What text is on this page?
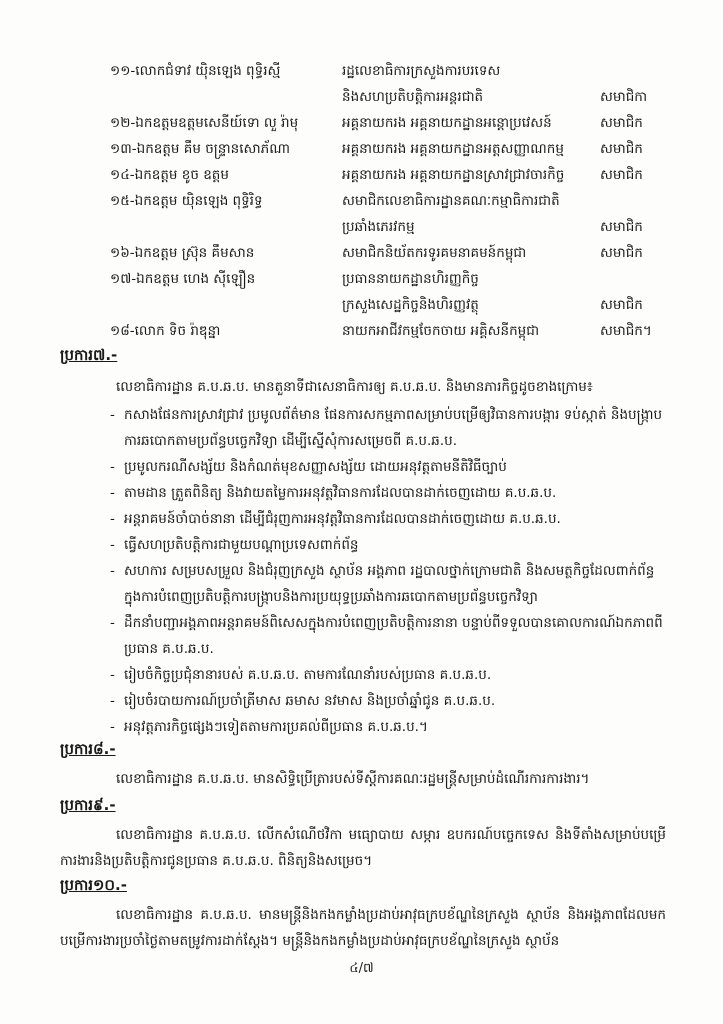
១១-លោកជំទាវ យ៉ិនឡេង ពុទ្ធិរស្មី	រដ្ឋលេខាធិការក្រសួងការបរទេស
និងសហប្រតិបត្តិការអន្តរជាតិ	សមាជិកា
១២-ឯកឧត្តមឧត្តមសេនីយ៍ទោ លួ រ៉ាមុ	អគ្គនាយករង អគ្គនាយកដ្ឋានអន្តោប្រវេសន៍	សមាជិក
១៣-ឯកឧត្តម គឹម ចន្ទ្រានសោភ័ណា	អគ្គនាយករង អគ្គនាយកដ្ឋានអត្តសញ្ញាណកម្ម	សមាជិក
១៤-ឯកឧត្តម ខូច ឧត្តម	អគ្គនាយករង អគ្គនាយកដ្ឋានស្រាវជ្រាវចារកិច្ច	សមាជិក
១៥-ឯកឧត្តម យ៉ិនឡេង ពុទ្ធិរិទ្ធ	សមាជិកលេខាធិការដ្ឋានគណៈកម្មាធិការជាតិ
ប្រឆាំងភេរវកម្ម	សមាជិក
១៦-ឯកឧត្តម ស្រ៊ុន គឹមសាន	សមាជិកនិយ័តករទូរគមនាគមន៍កម្ពុជា	សមាជិក
១៧-ឯកឧត្តម ហេង ស៊ីឡឿន	ប្រធាននាយកដ្ឋានហិរញ្ញកិច្ច
ក្រសួងសេដ្ឋកិច្ចនិងហិរញ្ញវត្ថុ	សមាជិក
១៨-លោក ទិច រ៉ាឌុន្នា	នាយកអាជីវកម្មចែកចាយ អគ្គិសនីកម្ពុជា	សមាជិក។
ប្រការ៧.-
លេខាធិការដ្ឋាន គ.ប.ឆ.ប. មានតួនាទីជាសេនាធិការឲ្យ គ.ប.ឆ.ប. និងមានភារកិច្ចដូចខាងក្រោម៖
- កសាងផែនការស្រាវជ្រាវ ប្រមូលព័ត៌មាន ផែនការសកម្មភាពសម្រាប់បម្រើឲ្យវិធានការបង្ការ ទប់ស្កាត់ និងបង្ក្រាបការឆបោកតាមប្រព័ន្ធបច្ចេកវិទ្យា ដើម្បីស្នើសុំការសម្រេចពី គ.ប.ឆ.ប.
- ប្រមូលករណីសង្ស័យ និងកំណត់មុខសញ្ញាសង្ស័យ ដោយអនុវត្តតាមនីតិវិធីច្បាប់
- តាមដាន ត្រួតពិនិត្យ និងវាយតម្លៃការអនុវត្តវិធានការដែលបានដាក់ចេញដោយ គ.ប.ឆ.ប.
- អន្តរាគមន៍ចាំបាច់នានា ដើម្បីជំរុញការអនុវត្តវិធានការដែលបានដាក់ចេញដោយ គ.ប.ឆ.ប.
- ធ្វើសហប្រតិបត្តិការជាមួយបណ្តាប្រទេសពាក់ព័ន្ធ
- សហការ សម្របសម្រួល និងជំរុញក្រសួង ស្ថាប័ន អង្គភាព រដ្ឋបាលថ្នាក់ក្រោមជាតិ និងសមត្ថកិច្ចដែលពាក់ព័ន្ធក្នុងការបំពេញប្រតិបត្តិការបង្ក្រាបនិងការប្រយុទ្ធប្រឆាំងការឆបោកតាមប្រព័ន្ធបច្ចេកវិទ្យា
- ដឹកនាំបញ្ជាអង្គភាពអន្តរាគមន៍ពិសេសក្នុងការបំពេញប្រតិបត្តិការនានា បន្ទាប់ពីទទួលបានគោលការណ៍ឯកភាពពីប្រធាន គ.ប.ឆ.ប.
- រៀបចំកិច្ចប្រជុំនានារបស់ គ.ប.ឆ.ប. តាមការណែនាំរបស់ប្រធាន គ.ប.ឆ.ប.
- រៀបចំរបាយការណ៍ប្រចាំត្រីមាស ឆមាស ន​វមាស និងប្រចាំឆ្នាំជូន គ.ប.ឆ.ប.
- អនុវត្តភារកិច្ចផ្សេងៗទៀតតាមការប្រគល់ពីប្រធាន គ.ប.ឆ.ប.។
ប្រការ៨.-
លេខាធិការដ្ឋាន គ.ប.ឆ.ប. មានសិទ្ធិប្រើត្រារបស់ទីស្តីការគណៈរដ្ឋមន្ត្រីសម្រាប់ដំណើរការការងារ។
ប្រការ៩.-
លេខាធិការដ្ឋាន គ.ប.ឆ.ប. លើកសំណើថវិកា មធ្យោបាយ សម្ភារ ឧបករណ៍បច្ចេកទេស និងទីតាំងសម្រាប់បម្រើការងារនិងប្រតិបត្តិការជូនប្រធាន គ.ប.ឆ.ប. ពិនិត្យនិងសម្រេច។
ប្រការ១០.-
លេខាធិការដ្ឋាន គ.ប.ឆ.ប. មានមន្ត្រីនិងកងកម្លាំងប្រដាប់អាវុធក្របខ័ណ្ឌនៃក្រសួង ស្ថាប័ន និងអង្គភាពដែលមកបម្រើការងារប្រចាំថ្ងៃតាមតម្រូវការដាក់ស្តែង។ មន្ត្រីនិងកងកម្លាំងប្រដាប់អាវុធក្របខ័ណ្ឌនៃក្រសួង ស្ថាប័ន
៤/៧
